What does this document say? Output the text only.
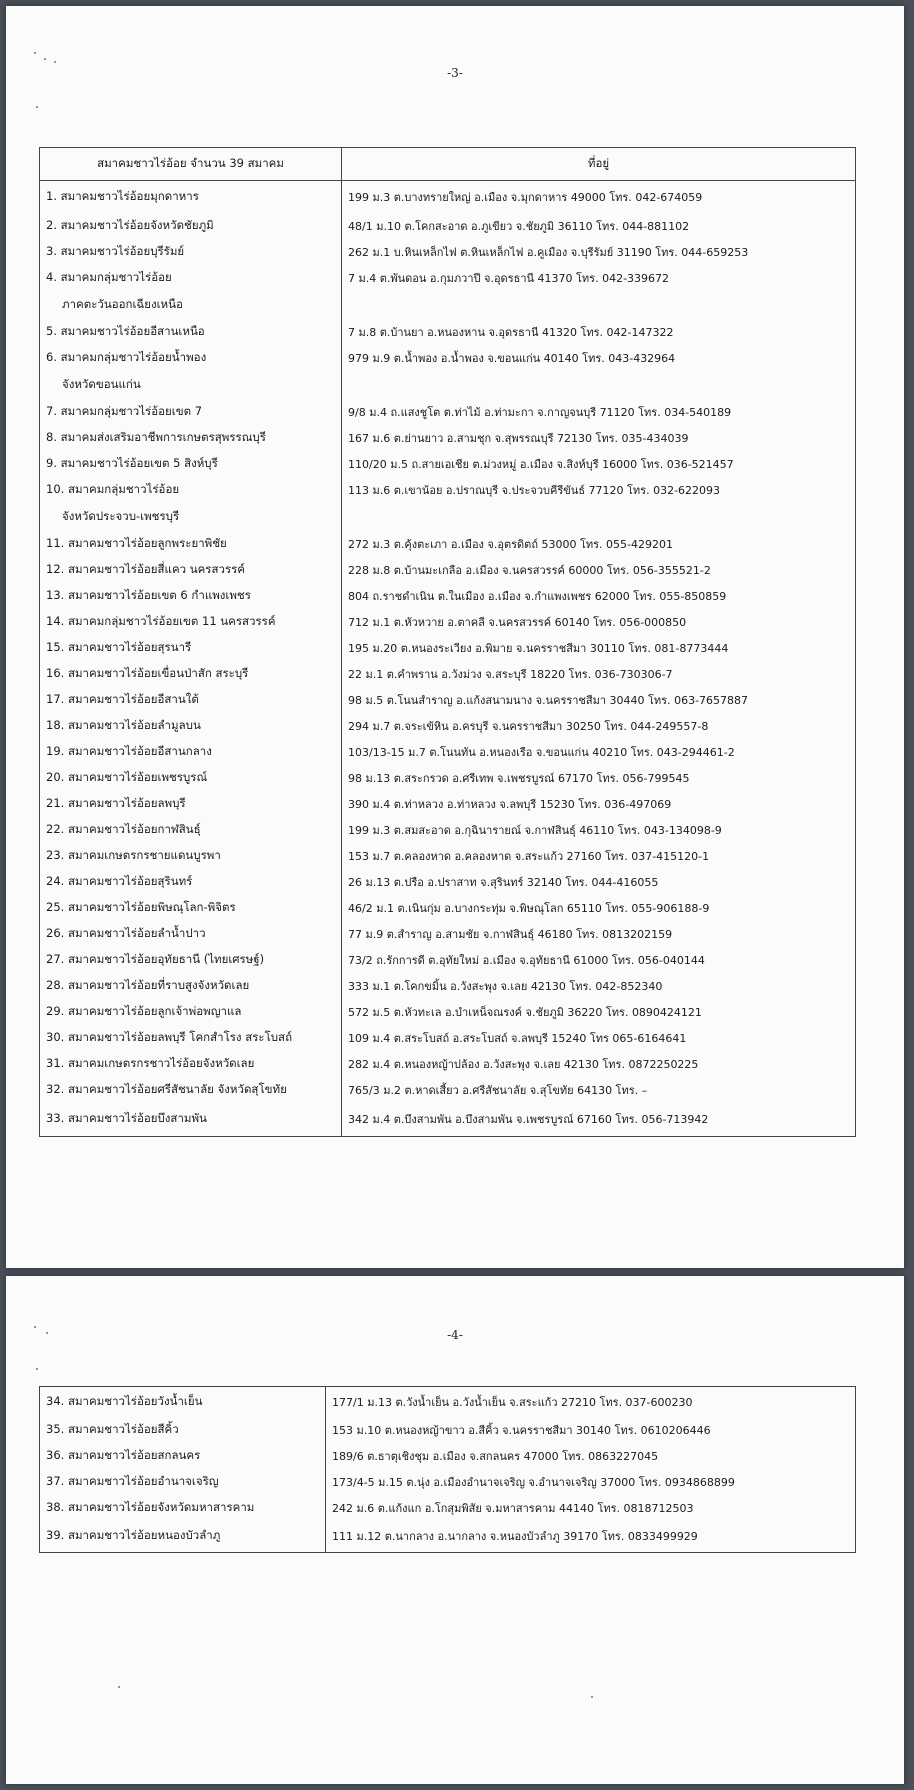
-3-
สมาคมชาวไร่อ้อย จำนวน 39 สมาคม	ที่อยู่
1. สมาคมชาวไร่อ้อยมุกดาหาร	199 ม.3 ต.บางทรายใหญ่ อ.เมือง จ.มุกดาหาร 49000 โทร. 042-674059
2. สมาคมชาวไร่อ้อยจังหวัดชัยภูมิ	48/1 ม.10 ต.โคกสะอาด อ.ภูเขียว จ.ชัยภูมิ 36110 โทร. 044-881102
3. สมาคมชาวไร่อ้อยบุรีรัมย์	262 ม.1 บ.หินเหล็กไฟ ต.หินเหล็กไฟ อ.คูเมือง จ.บุรีรัมย์ 31190 โทร. 044-659253
4. สมาคมกลุ่มชาวไร่อ้อย	7 ม.4 ต.พันดอน อ.กุมภวาปี จ.อุดรธานี 41370 โทร. 042-339672
ภาคตะวันออกเฉียงเหนือ	
5. สมาคมชาวไร่อ้อยอีสานเหนือ	7 ม.8 ต.บ้านยา อ.หนองหาน จ.อุดรธานี 41320 โทร. 042-147322
6. สมาคมกลุ่มชาวไร่อ้อยน้ำพอง	979 ม.9 ต.น้ำพอง อ.น้ำพอง จ.ขอนแก่น 40140 โทร. 043-432964
จังหวัดขอนแก่น	
7. สมาคมกลุ่มชาวไร่อ้อยเขต 7	9/8 ม.4 ถ.แสงชูโต ต.ท่าไม้ อ.ท่ามะกา จ.กาญจนบุรี 71120 โทร. 034-540189
8. สมาคมส่งเสริมอาชีพการเกษตรสุพรรณบุรี	167 ม.6 ต.ย่านยาว อ.สามชุก จ.สุพรรณบุรี 72130 โทร. 035-434039
9. สมาคมชาวไร่อ้อยเขต 5 สิงห์บุรี	110/20 ม.5 ถ.สายเอเชีย ต.ม่วงหมู่ อ.เมือง จ.สิงห์บุรี 16000 โทร. 036-521457
10. สมาคมกลุ่มชาวไร่อ้อย	113 ม.6 ต.เขาน้อย อ.ปราณบุรี จ.ประจวบคีรีขันธ์ 77120 โทร. 032-622093
จังหวัดประจวบ-เพชรบุรี	
11. สมาคมชาวไร่อ้อยลูกพระยาพิชัย	272 ม.3 ต.คุ้งตะเภา อ.เมือง จ.อุตรดิตถ์ 53000 โทร. 055-429201
12. สมาคมชาวไร่อ้อยสี่แคว นครสวรรค์	228 ม.8 ต.บ้านมะเกลือ อ.เมือง จ.นครสวรรค์ 60000 โทร. 056-355521-2
13. สมาคมชาวไร่อ้อยเขต 6 กำแพงเพชร	804 ถ.ราชดำเนิน ต.ในเมือง อ.เมือง จ.กำแพงเพชร 62000 โทร. 055-850859
14. สมาคมกลุ่มชาวไร่อ้อยเขต 11 นครสวรรค์	712 ม.1 ต.หัวหวาย อ.ตาคลี จ.นครสวรรค์ 60140 โทร. 056-000850
15. สมาคมชาวไร่อ้อยสุรนารี	195 ม.20 ต.หนองระเวียง อ.พิมาย จ.นครราชสีมา 30110 โทร. 081-8773444
16. สมาคมชาวไร่อ้อยเขื่อนป่าสัก สระบุรี	22 ม.1 ต.คำพราน อ.วังม่วง จ.สระบุรี 18220 โทร. 036-730306-7
17. สมาคมชาวไร่อ้อยอีสานใต้	98 ม.5 ต.โนนสำราญ อ.แก้งสนามนาง จ.นครราชสีมา 30440 โทร. 063-7657887
18. สมาคมชาวไร่อ้อยลำมูลบน	294 ม.7 ต.จระเข้หิน อ.ครบุรี จ.นครราชสีมา 30250 โทร. 044-249557-8
19. สมาคมชาวไร่อ้อยอีสานกลาง	103/13-15 ม.7 ต.โนนทัน อ.หนองเรือ จ.ขอนแก่น 40210 โทร. 043-294461-2
20. สมาคมชาวไร่อ้อยเพชรบูรณ์	98 ม.13 ต.สระกรวด อ.ศรีเทพ จ.เพชรบูรณ์ 67170 โทร. 056-799545
21. สมาคมชาวไร่อ้อยลพบุรี	390 ม.4 ต.ท่าหลวง อ.ท่าหลวง จ.ลพบุรี 15230 โทร. 036-497069
22. สมาคมชาวไร่อ้อยกาฬสินธุ์	199 ม.3 ต.สมสะอาด อ.กุฉินารายณ์ จ.กาฬสินธุ์ 46110 โทร. 043-134098-9
23. สมาคมเกษตรกรชายแดนบูรพา	153 ม.7 ต.คลองหาด อ.คลองหาด จ.สระแก้ว 27160 โทร. 037-415120-1
24. สมาคมชาวไร่อ้อยสุรินทร์	26 ม.13 ต.ปรือ อ.ปราสาท จ.สุรินทร์ 32140 โทร. 044-416055
25. สมาคมชาวไร่อ้อยพิษณุโลก-พิจิตร	46/2 ม.1 ต.เนินกุ่ม อ.บางกระทุ่ม จ.พิษณุโลก 65110 โทร. 055-906188-9
26. สมาคมชาวไร่อ้อยลำน้ำปาว	77 ม.9 ต.สำราญ อ.สามชัย จ.กาฬสินธุ์ 46180 โทร. 0813202159
27. สมาคมชาวไร่อ้อยอุทัยธานี (ไทยเศรษฐ์)	73/2 ถ.รักการดี ต.อุทัยใหม่ อ.เมือง จ.อุทัยธานี 61000 โทร. 056-040144
28. สมาคมชาวไร่อ้อยที่ราบสูงจังหวัดเลย	333 ม.1 ต.โคกขมิ้น อ.วังสะพุง จ.เลย 42130 โทร. 042-852340
29. สมาคมชาวไร่อ้อยลูกเจ้าพ่อพญาแล	572 ม.5 ต.หัวทะเล อ.บำเหน็จณรงค์ จ.ชัยภูมิ 36220 โทร. 0890424121
30. สมาคมชาวไร่อ้อยลพบุรี โคกสำโรง สระโบสถ์	109 ม.4 ต.สระโบสถ์ อ.สระโบสถ์ จ.ลพบุรี 15240 โทร 065-6164641
31. สมาคมเกษตรกรชาวไร่อ้อยจังหวัดเลย	282 ม.4 ต.หนองหญ้าปล้อง อ.วังสะพุง จ.เลย 42130 โทร. 0872250225
32. สมาคมชาวไร่อ้อยศรีสัชนาลัย จังหวัดสุโขทัย	765/3 ม.2 ต.หาดเสี้ยว อ.ศรีสัชนาลัย จ.สุโขทัย 64130 โทร. –
33. สมาคมชาวไร่อ้อยบึงสามพัน	342 ม.4 ต.บึงสามพัน อ.บึงสามพัน จ.เพชรบูรณ์ 67160 โทร. 056-713942
-4-
34. สมาคมชาวไร่อ้อยวังน้ำเย็น	177/1 ม.13 ต.วังน้ำเย็น อ.วังน้ำเย็น จ.สระแก้ว 27210 โทร. 037-600230
35. สมาคมชาวไร่อ้อยสีคิ้ว	153 ม.10 ต.หนองหญ้าขาว อ.สีคิ้ว จ.นครราชสีมา 30140 โทร. 0610206446
36. สมาคมชาวไร่อ้อยสกลนคร	189/6 ต.ธาตุเชิงชุม อ.เมือง จ.สกลนคร 47000 โทร. 0863227045
37. สมาคมชาวไร่อ้อยอำนาจเจริญ	173/4-5 ม.15 ต.นุ่ง อ.เมืองอำนาจเจริญ จ.อำนาจเจริญ 37000 โทร. 0934868899
38. สมาคมชาวไร่อ้อยจังหวัดมหาสารคาม	242 ม.6 ต.แก้งแก อ.โกสุมพิสัย จ.มหาสารคาม 44140 โทร. 0818712503
39. สมาคมชาวไร่อ้อยหนองบัวลำภู	111 ม.12 ต.นากลาง อ.นากลาง จ.หนองบัวลำภู 39170 โทร. 0833499929
